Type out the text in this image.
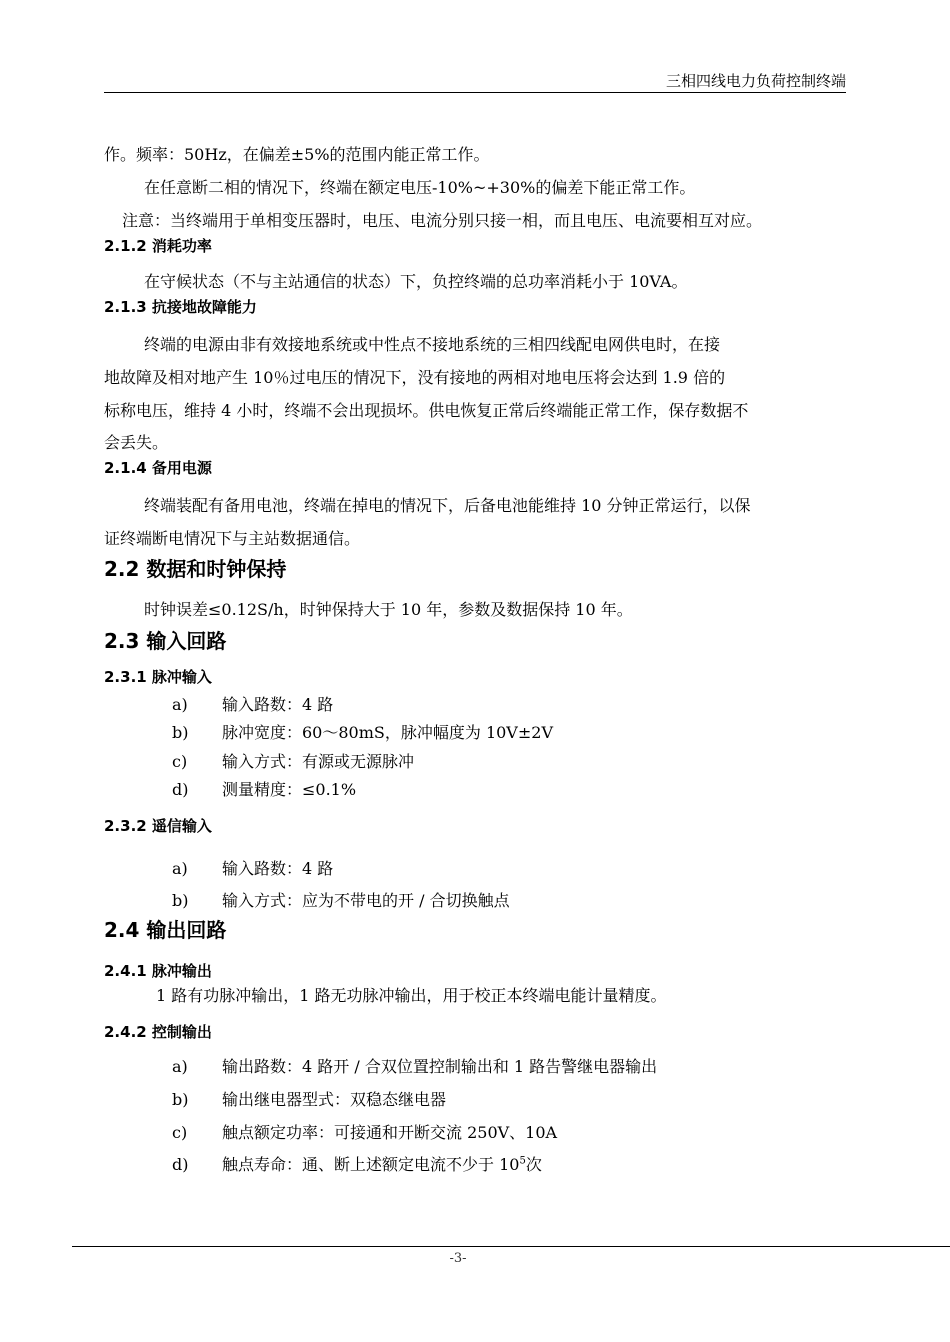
三相四线电力负荷控制终端
作。频率：50Hz，在偏差±5%的范围内能正常工作。
在任意断二相的情况下，终端在额定电压-10%~+30%的偏差下能正常工作。
注意：当终端用于单相变压器时，电压、电流分别只接一相，而且电压、电流要相互对应。
2.1.2 消耗功率
在守候状态（不与主站通信的状态）下，负控终端的总功率消耗小于 10VA。
2.1.3 抗接地故障能力
终端的电源由非有效接地系统或中性点不接地系统的三相四线配电网供电时，在接
地故障及相对地产生 10％过电压的情况下，没有接地的两相对地电压将会达到 1.9 倍的
标称电压，维持 4 小时，终端不会出现损坏。供电恢复正常后终端能正常工作，保存数据不
会丢失。
2.1.4 备用电源
终端装配有备用电池，终端在掉电的情况下，后备电池能维持 10 分钟正常运行，以保
证终端断电情况下与主站数据通信。
2.2 数据和时钟保持
时钟误差≤0.12S/h，时钟保持大于 10 年，参数及数据保持 10 年。
2.3 输入回路
2.3.1 脉冲输入
a) 输入路数：4 路
b) 脉冲宽度：60～80mS，脉冲幅度为 10V±2V
c) 输入方式：有源或无源脉冲
d) 测量精度：≤0.1%
2.3.2 遥信输入
a) 输入路数：4 路
b) 输入方式：应为不带电的开 / 合切换触点
2.4 输出回路
2.4.1 脉冲输出
1 路有功脉冲输出，1 路无功脉冲输出，用于校正本终端电能计量精度。
2.4.2 控制输出
a) 输出路数：4 路开 / 合双位置控制输出和 1 路告警继电器输出
b) 输出继电器型式：双稳态继电器
c) 触点额定功率：可接通和开断交流 250V、10A
d) 触点寿命：通、断上述额定电流不少于 $10^5$次
-3-
